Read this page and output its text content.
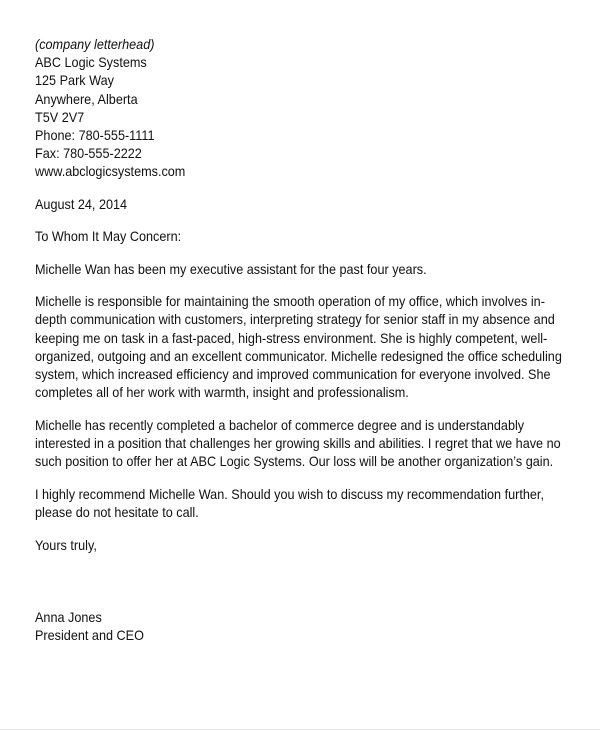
(company letterhead)
ABC Logic Systems
125 Park Way
Anywhere, Alberta
T5V 2V7
Phone: 780-555-1111
Fax: 780-555-2222
www.abclogicsystems.com
August 24, 2014
To Whom It May Concern:
Michelle Wan has been my executive assistant for the past four years.
Michelle is responsible for maintaining the smooth operation of my office, which involves in-
depth communication with customers, interpreting strategy for senior staff in my absence and
keeping me on task in a fast-paced, high-stress environment. She is highly competent, well-
organized, outgoing and an excellent communicator. Michelle redesigned the office scheduling
system, which increased efficiency and improved communication for everyone involved. She
completes all of her work with warmth, insight and professionalism.
Michelle has recently completed a bachelor of commerce degree and is understandably
interested in a position that challenges her growing skills and abilities. I regret that we have no
such position to offer her at ABC Logic Systems. Our loss will be another organization’s gain.
I highly recommend Michelle Wan. Should you wish to discuss my recommendation further,
please do not hesitate to call.
Yours truly,
Anna Jones
President and CEO
